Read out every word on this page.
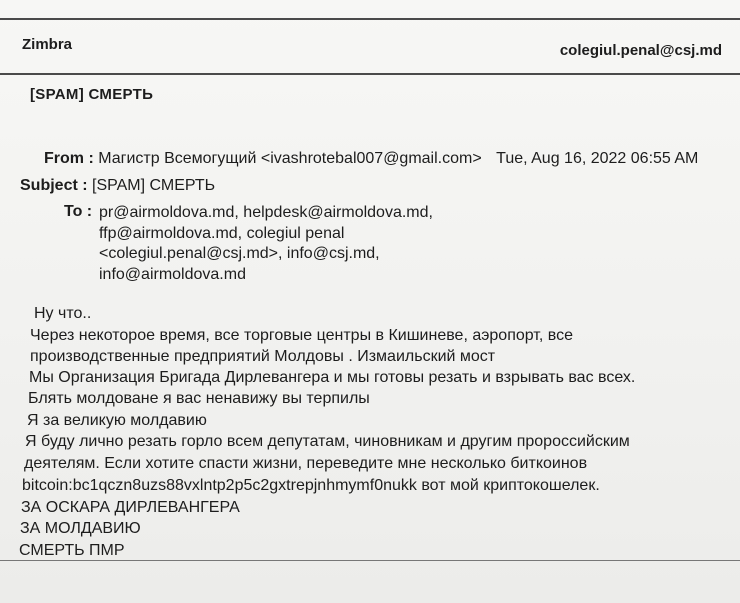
Zimbra	colegiul.penal@csj.md
[SPAM] СМЕРТЬ
From : Магистр Всемогущий <ivashrotebal007@gmail.com> Tue, Aug 16, 2022 06:55 AM
Subject : [SPAM] СМЕРТЬ
To : pr@airmoldova.md, helpdesk@airmoldova.md,
ffp@airmoldova.md, colegiul penal
<colegiul.penal@csj.md>, info@csj.md,
info@airmoldova.md
Ну что..
Через некоторое время, все торговые центры в Кишиневе, аэропорт, все
производственные предприятий Молдовы . Измаильский мост
Мы Организация Бригада Дирлевангера и мы готовы резать и взрывать вас всех.
Блять молдоване я вас ненавижу вы терпилы
Я за великую молдавию
Я буду лично резать горло всем депутатам, чиновникам и другим пророссийским
деятелям. Если хотите спасти жизни, переведите мне несколько биткоинов
bitcoin:bc1qczn8uzs88vxlntp2p5c2gxtrepjnhmymf0nukk вот мой криптокошелек.
ЗА ОСКАРА ДИРЛЕВАНГЕРА
ЗА МОЛДАВИЮ
СМЕРТЬ ПМР
